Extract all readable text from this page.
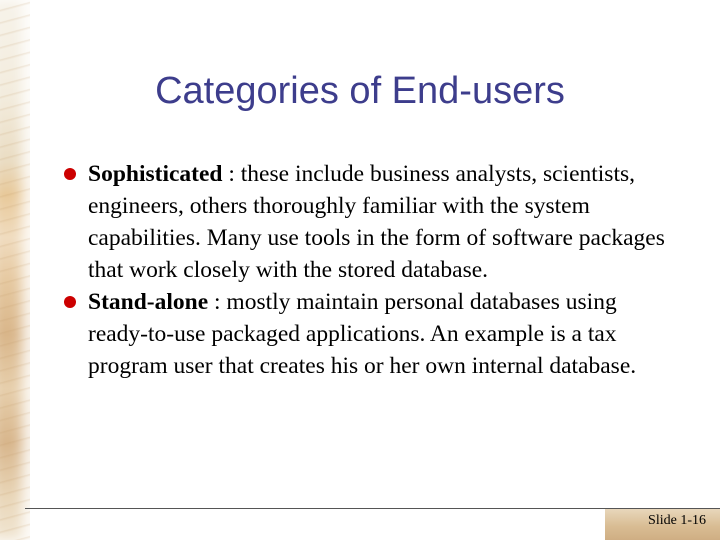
Categories of End-users
Sophisticated : these include business analysts, scientists, engineers, others thoroughly familiar with the system capabilities. Many use tools in the form of software packages that work closely with the stored database.
Stand-alone : mostly maintain personal databases using ready-to-use packaged applications. An example is a tax program user that creates his or her own internal database.
Slide 1-16
